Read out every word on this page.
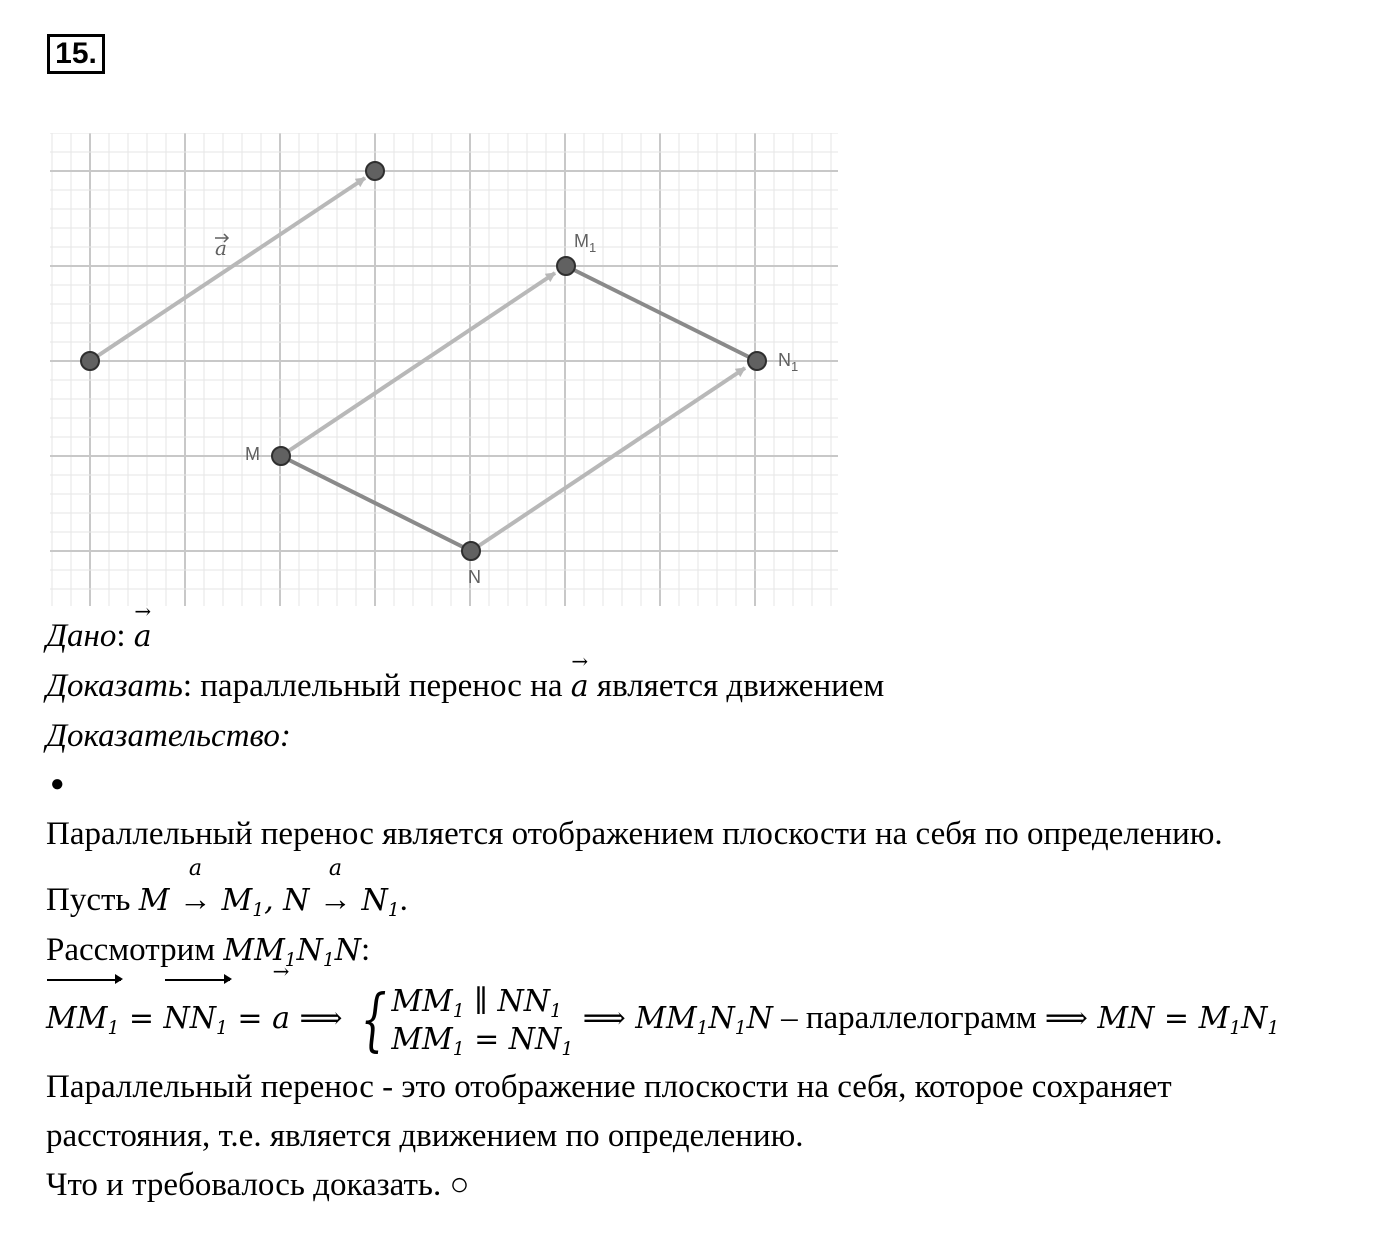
15.
a
M
N
$M_1$
$N_1$
Дано:
→
a
Доказать: параллельный перенос на
→
a является движением
Доказательство:
●
Параллельный перенос является отображением плоскости на себя по определению.
Пусть M
a
→ $M_1$, N
a
→ $N_1$.
Рассмотрим $MM_1N_1N$:
$MM_1 = NN_1$ =
→
a ⟹ { $MM_1$ ∥ $NN_1$
$MM_1 = NN_1$
⟹ $MM_1N_1N$ – параллелограмм ⟹ MN = $M_1N_1$
Параллельный перенос - это отображение плоскости на себя, которое сохраняет
расстояния, т.е. является движением по определению.
Что и требовалось доказать. ○
